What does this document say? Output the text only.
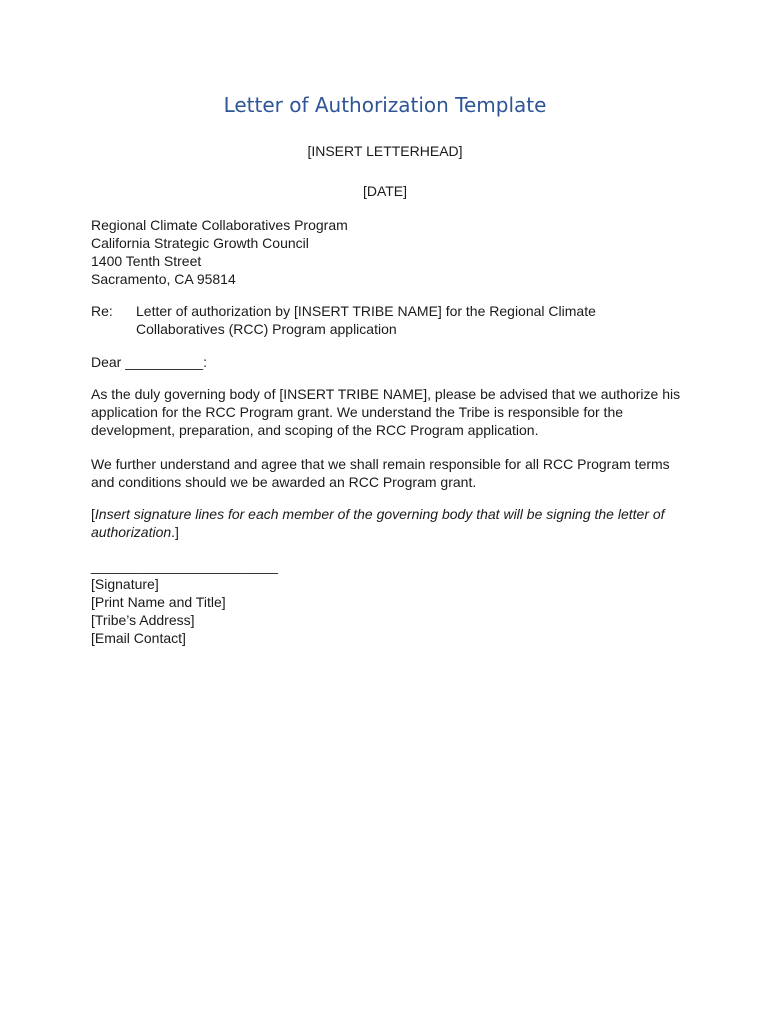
Letter of Authorization Template
[INSERT LETTERHEAD]
[DATE]
Regional Climate Collaboratives Program
California Strategic Growth Council
1400 Tenth Street
Sacramento, CA 95814
Re: Letter of authorization by [INSERT TRIBE NAME] for the Regional Climate
Collaboratives (RCC) Program application
Dear __________:
As the duly governing body of [INSERT TRIBE NAME], please be advised that we authorize his
application for the RCC Program grant. We understand the Tribe is responsible for the
development, preparation, and scoping of the RCC Program application.
We further understand and agree that we shall remain responsible for all RCC Program terms
and conditions should we be awarded an RCC Program grant.
[Insert signature lines for each member of the governing body that will be signing the letter of
authorization.]
________________________
[Signature]
[Print Name and Title]
[Tribe’s Address]
[Email Contact]
